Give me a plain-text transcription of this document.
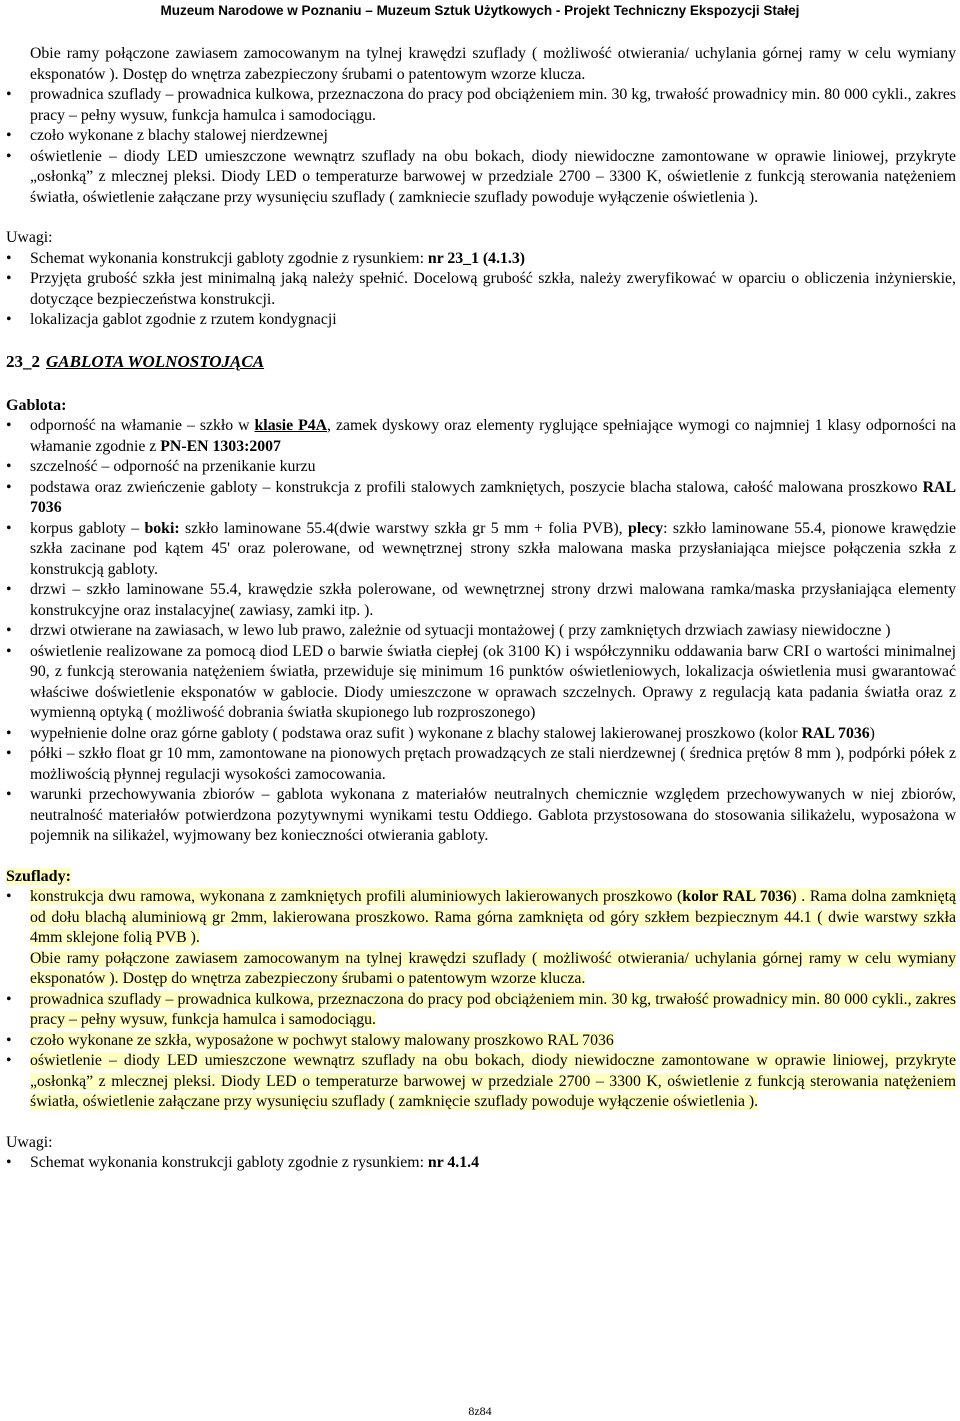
Muzeum Narodowe w Poznaniu – Muzeum Sztuk Użytkowych - Projekt Techniczny Ekspozycji Stałej
Obie ramy połączone zawiasem zamocowanym na tylnej krawędzi szuflady ( możliwość otwierania/ uchylania górnej ramy w celu wymiany eksponatów ). Dostęp do wnętrza zabezpieczony śrubami o patentowym wzorze klucza.
• prowadnica szuflady – prowadnica kulkowa, przeznaczona do pracy pod obciążeniem min. 30 kg, trwałość prowadnicy min. 80 000 cykli., zakres pracy – pełny wysuw, funkcja hamulca i samodociągu.
• czoło wykonane z blachy stalowej nierdzewnej
• oświetlenie – diody LED umieszczone wewnątrz szuflady na obu bokach, diody niewidoczne zamontowane w oprawie liniowej, przykryte „osłonką” z mlecznej pleksi. Diody LED o temperaturze barwowej w przedziale 2700 – 3300 K, oświetlenie z funkcją sterowania natężeniem światła, oświetlenie załączane przy wysunięciu szuflady ( zamkniecie szuflady powoduje wyłączenie oświetlenia ).
Uwagi:
• Schemat wykonania konstrukcji gabloty zgodnie z rysunkiem: nr 23_1 (4.1.3)
• Przyjęta grubość szkła jest minimalną jaką należy spełnić. Docelową grubość szkła, należy zweryfikować w oparciu o obliczenia inżynierskie, dotyczące bezpieczeństwa konstrukcji.
• lokalizacja gablot zgodnie z rzutem kondygnacji
23_2 GABLOTA WOLNOSTOJĄCA
Gablota:
• odporność na włamanie – szkło w klasie P4A, zamek dyskowy oraz elementy ryglujące spełniające wymogi co najmniej 1 klasy odporności na włamanie zgodnie z PN-EN 1303:2007
• szczelność – odporność na przenikanie kurzu
• podstawa oraz zwieńczenie gabloty – konstrukcja z profili stalowych zamkniętych, poszycie blacha stalowa, całość malowana proszkowo RAL 7036
• korpus gabloty – boki: szkło laminowane 55.4(dwie warstwy szkła gr 5 mm + folia PVB), plecy: szkło laminowane 55.4, pionowe krawędzie szkła zacinane pod kątem 45' oraz polerowane, od wewnętrznej strony szkła malowana maska przysłaniająca miejsce połączenia szkła z konstrukcją gabloty.
• drzwi – szkło laminowane 55.4, krawędzie szkła polerowane, od wewnętrznej strony drzwi malowana ramka/maska przysłaniająca elementy konstrukcyjne oraz instalacyjne( zawiasy, zamki itp. ).
• drzwi otwierane na zawiasach, w lewo lub prawo, zależnie od sytuacji montażowej ( przy zamkniętych drzwiach zawiasy niewidoczne )
• oświetlenie realizowane za pomocą diod LED o barwie światła ciepłej (ok 3100 K) i współczynniku oddawania barw CRI o wartości minimalnej 90, z funkcją sterowania natężeniem światła, przewiduje się minimum 16 punktów oświetleniowych, lokalizacja oświetlenia musi gwarantować właściwe doświetlenie eksponatów w gablocie. Diody umieszczone w oprawach szczelnych. Oprawy z regulacją kata padania światła oraz z wymienną optyką ( możliwość dobrania światła skupionego lub rozproszonego)
• wypełnienie dolne oraz górne gabloty ( podstawa oraz sufit ) wykonane z blachy stalowej lakierowanej proszkowo (kolor RAL 7036)
• półki – szkło float gr 10 mm, zamontowane na pionowych prętach prowadzących ze stali nierdzewnej ( średnica prętów 8 mm ), podpórki półek z możliwością płynnej regulacji wysokości zamocowania.
• warunki przechowywania zbiorów – gablota wykonana z materiałów neutralnych chemicznie względem przechowywanych w niej zbiorów, neutralność materiałów potwierdzona pozytywnymi wynikami testu Oddiego. Gablota przystosowana do stosowania silikażelu, wyposażona w pojemnik na silikażel, wyjmowany bez konieczności otwierania gabloty.
Szuflady:
• konstrukcja dwu ramowa, wykonana z zamkniętych profili aluminiowych lakierowanych proszkowo (kolor RAL 7036) . Rama dolna zamkniętą od dołu blachą aluminiową gr 2mm, lakierowana proszkowo. Rama górna zamknięta od góry szkłem bezpiecznym 44.1 ( dwie warstwy szkła 4mm sklejone folią PVB ).
Obie ramy połączone zawiasem zamocowanym na tylnej krawędzi szuflady ( możliwość otwierania/ uchylania górnej ramy w celu wymiany eksponatów ). Dostęp do wnętrza zabezpieczony śrubami o patentowym wzorze klucza.
• prowadnica szuflady – prowadnica kulkowa, przeznaczona do pracy pod obciążeniem min. 30 kg, trwałość prowadnicy min. 80 000 cykli., zakres pracy – pełny wysuw, funkcja hamulca i samodociągu.
• czoło wykonane ze szkła, wyposażone w pochwyt stalowy malowany proszkowo RAL 7036
• oświetlenie – diody LED umieszczone wewnątrz szuflady na obu bokach, diody niewidoczne zamontowane w oprawie liniowej, przykryte „osłonką” z mlecznej pleksi. Diody LED o temperaturze barwowej w przedziale 2700 – 3300 K, oświetlenie z funkcją sterowania natężeniem światła, oświetlenie załączane przy wysunięciu szuflady ( zamknięcie szuflady powoduje wyłączenie oświetlenia ).
Uwagi:
• Schemat wykonania konstrukcji gabloty zgodnie z rysunkiem: nr 4.1.4
8z84
